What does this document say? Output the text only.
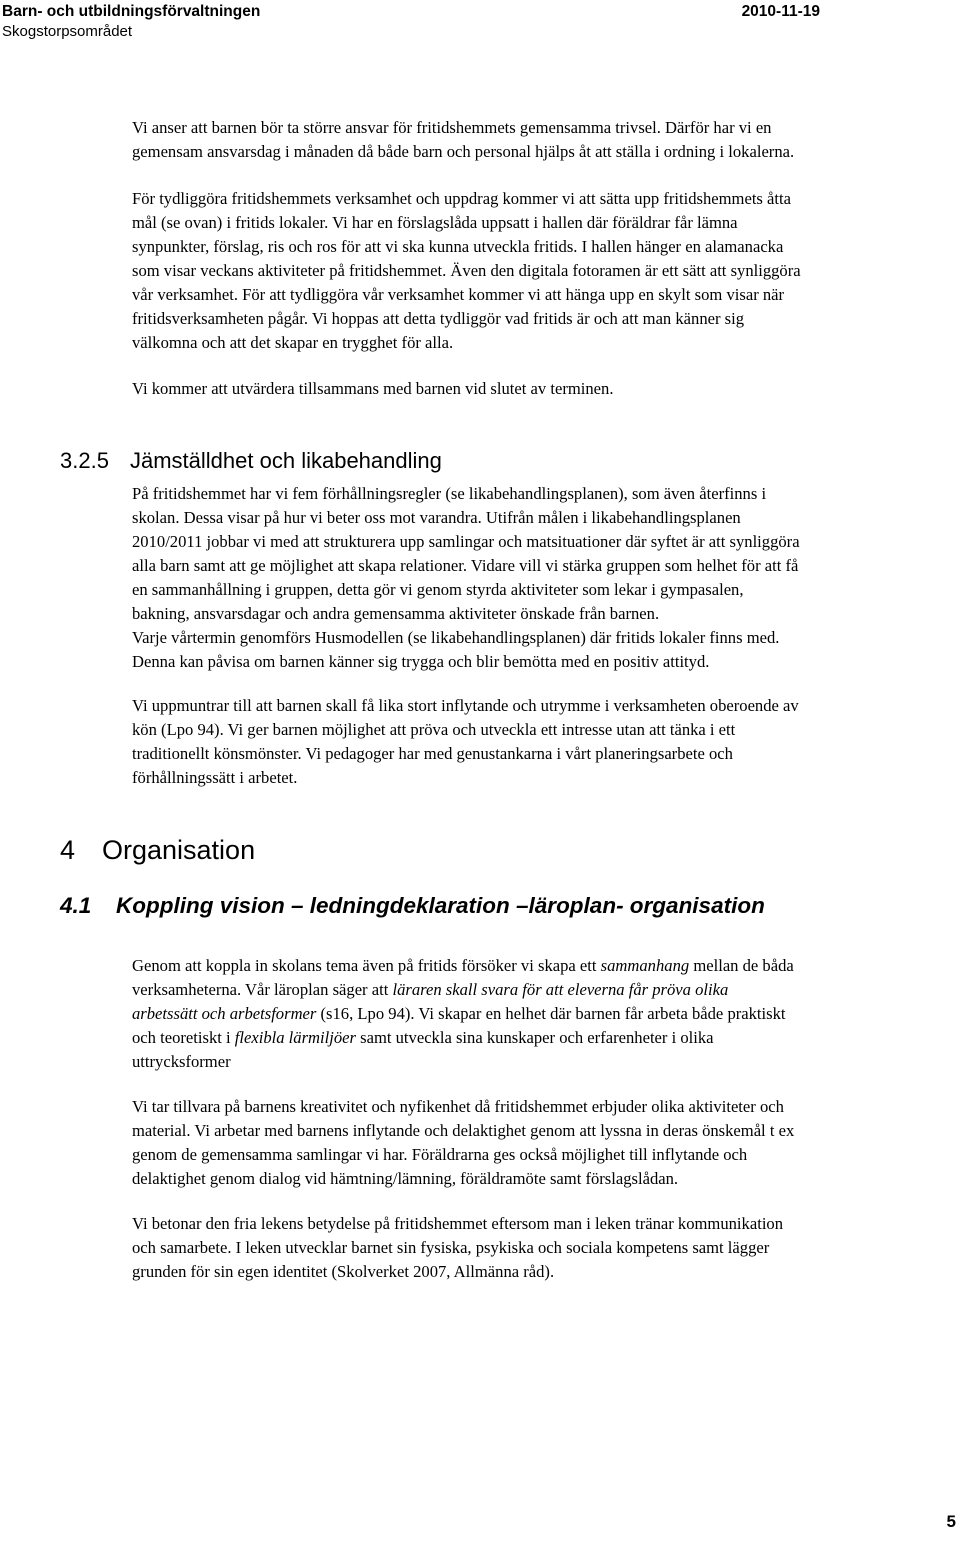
Barn- och utbildningsförvaltningen
Skogstorpsområdet
2010-11-19
Vi anser att barnen bör ta större ansvar för fritidshemmets gemensamma trivsel. Därför har vi en
gemensam ansvarsdag i månaden då både barn och personal hjälps åt att ställa i ordning i lokalerna.
För tydliggöra fritidshemmets verksamhet och uppdrag kommer vi att sätta upp fritidshemmets åtta
mål (se ovan) i fritids lokaler. Vi har en förslagslåda uppsatt i hallen där föräldrar får lämna
synpunkter, förslag, ris och ros för att vi ska kunna utveckla fritids. I hallen hänger en alamanacka
som visar veckans aktiviteter på fritidshemmet. Även den digitala fotoramen är ett sätt att synliggöra
vår verksamhet. För att tydliggöra vår verksamhet kommer vi att hänga upp en skylt som visar när
fritidsverksamheten pågår. Vi hoppas att detta tydliggör vad fritids är och att man känner sig
välkomna och att det skapar en trygghet för alla.
Vi kommer att utvärdera tillsammans med barnen vid slutet av terminen.
3.2.5 Jämställdhet och likabehandling
På fritidshemmet har vi fem förhållningsregler (se likabehandlingsplanen), som även återfinns i
skolan. Dessa visar på hur vi beter oss mot varandra. Utifrån målen i likabehandlingsplanen
2010/2011 jobbar vi med att strukturera upp samlingar och matsituationer där syftet är att synliggöra
alla barn samt att ge möjlighet att skapa relationer. Vidare vill vi stärka gruppen som helhet för att få
en sammanhållning i gruppen, detta gör vi genom styrda aktiviteter som lekar i gympasalen,
bakning, ansvarsdagar och andra gemensamma aktiviteter önskade från barnen.
Varje vårtermin genomförs Husmodellen (se likabehandlingsplanen) där fritids lokaler finns med.
Denna kan påvisa om barnen känner sig trygga och blir bemötta med en positiv attityd.
Vi uppmuntrar till att barnen skall få lika stort inflytande och utrymme i verksamheten oberoende av
kön (Lpo 94). Vi ger barnen möjlighet att pröva och utveckla ett intresse utan att tänka i ett
traditionellt könsmönster. Vi pedagoger har med genustankarna i vårt planeringsarbete och
förhållningssätt i arbetet.
4 Organisation
4.1 Koppling vision – ledningdeklaration –läroplan- organisation
Genom att koppla in skolans tema även på fritids försöker vi skapa ett sammanhang mellan de båda
verksamheterna. Vår läroplan säger att läraren skall svara för att eleverna får pröva olika
arbetssätt och arbetsformer (s16, Lpo 94). Vi skapar en helhet där barnen får arbeta både praktiskt
och teoretiskt i flexibla lärmiljöer samt utveckla sina kunskaper och erfarenheter i olika
uttrycksformer
Vi tar tillvara på barnens kreativitet och nyfikenhet då fritidshemmet erbjuder olika aktiviteter och
material. Vi arbetar med barnens inflytande och delaktighet genom att lyssna in deras önskemål t ex
genom de gemensamma samlingar vi har. Föräldrarna ges också möjlighet till inflytande och
delaktighet genom dialog vid hämtning/lämning, föräldramöte samt förslagslådan.
Vi betonar den fria lekens betydelse på fritidshemmet eftersom man i leken tränar kommunikation
och samarbete. I leken utvecklar barnet sin fysiska, psykiska och sociala kompetens samt lägger
grunden för sin egen identitet (Skolverket 2007, Allmänna råd).
5
